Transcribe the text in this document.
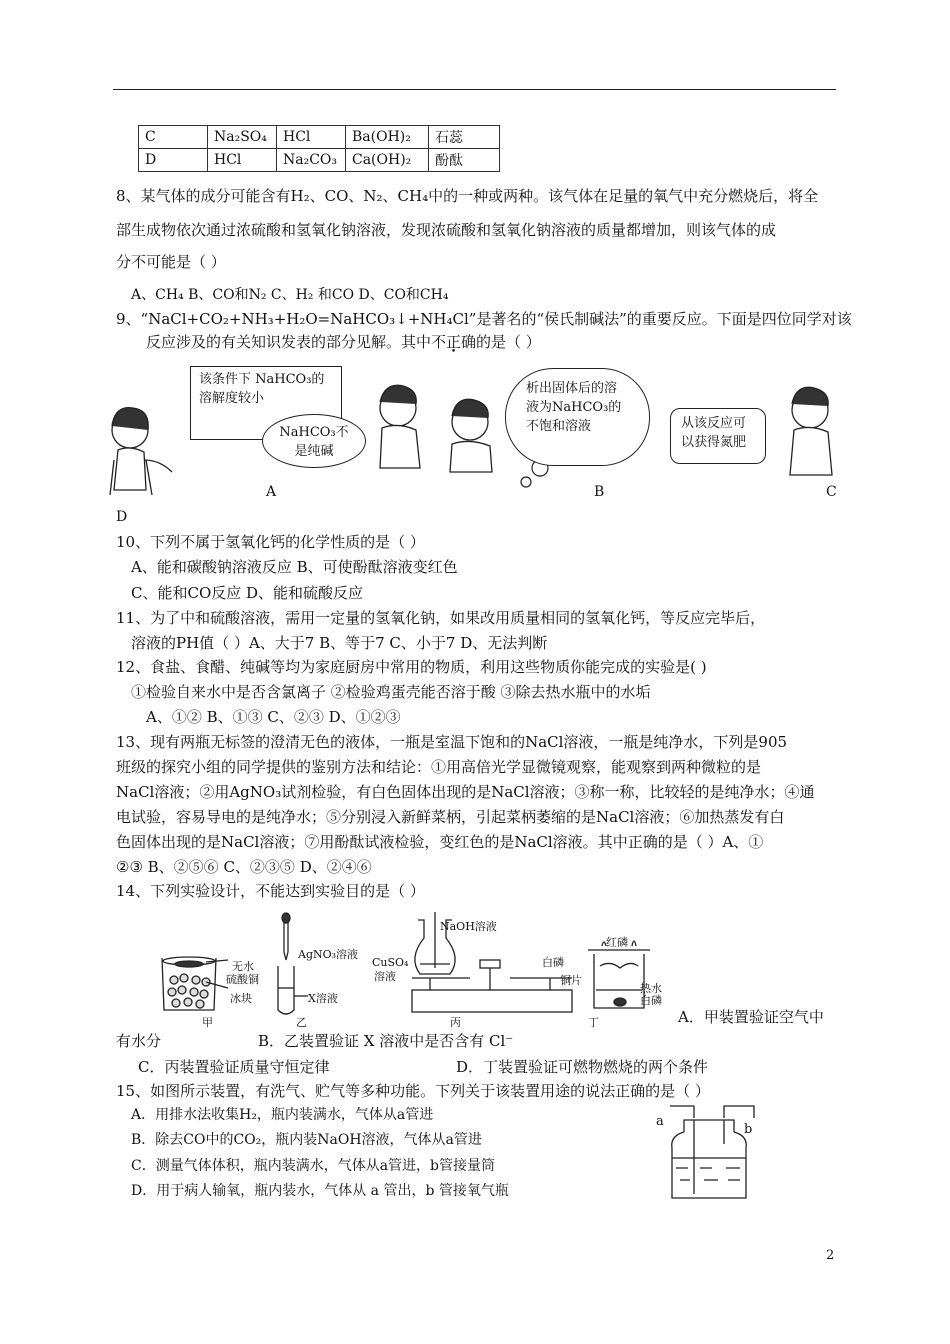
C	Na₂SO₄	HCl	Ba(OH)₂	石蕊
D	HCl	Na₂CO₃	Ca(OH)₂	酚酞
8、某气体的成分可能含有H₂、CO、N₂、CH₄中的一种或两种。该气体在足量的氧气中充分燃烧后，将全
部生成物依次通过浓硫酸和氢氧化钠溶液，发现浓硫酸和氢氧化钠溶液的质量都增加，则该气体的成
分不可能是（ ）
A、CH₄ B、CO和N₂ C、H₂ 和CO D、CO和CH₄
9、“NaCl+CO₂+NH₃+H₂O=NaHCO₃↓+NH₄Cl”是著名的“侯氏制碱法”的重要反应。下面是四位同学对该
反应涉及的有关知识发表的部分见解。其中不正确的是（ ）
该条件下 NaHCO₃的溶解度较小
NaHCO₃不是纯碱
析出固体后的溶液为NaHCO₃的不饱和溶液	从该反应可以获得氮肥
A	B	C
D
10、下列不属于氢氧化钙的化学性质的是（ ）
A、能和碳酸钠溶液反应 B、可使酚酞溶液变红色
C、能和CO反应 D、能和硫酸反应
11、为了中和硫酸溶液，需用一定量的氢氧化钠，如果改用质量相同的氢氧化钙，等反应完毕后，
溶液的PH值（ ）A、大于7 B、等于7 C、小于7 D、无法判断
12、食盐、食醋、纯碱等均为家庭厨房中常用的物质，利用这些物质你能完成的实验是( )
①检验自来水中是否含氯离子 ②检验鸡蛋壳能否溶于酸 ③除去热水瓶中的水垢
A、①② B、①③ C、②③ D、①②③
13、现有两瓶无标签的澄清无色的液体，一瓶是室温下饱和的NaCl溶液，一瓶是纯净水，下列是905
班级的探究小组的同学提供的鉴别方法和结论：①用高倍光学显微镜观察，能观察到两种微粒的是
NaCl溶液；②用AgNO₃试剂检验，有白色固体出现的是NaCl溶液；③称一称，比较轻的是纯净水；④通
电试验，容易导电的是纯净水；⑤分别浸入新鲜菜柄，引起菜柄萎缩的是NaCl溶液；⑥加热蒸发有白
色固体出现的是NaCl溶液；⑦用酚酞试液检验，变红色的是NaCl溶液。其中正确的是（ ）A、①
②③ B、②⑤⑥ C、②③⑤ D、②④⑥
14、下列实验设计，不能达到实验目的是（ ）
无水
硫酸铜
冰块
AgNO₃溶液
X溶液
NaOH溶液
CuSO₄
溶液
红磷
白磷
铜片
热水
白磷
甲	乙	丙	丁	A．甲装置验证空气中
有水分	B．乙装置验证 X 溶液中是否含有 Cl⁻
C．丙装置验证质量守恒定律	D．丁装置验证可燃物燃烧的两个条件
15、如图所示装置，有洗气、贮气等多种功能。下列关于该装置用途的说法正确的是（ ）
A．用排水法收集H₂，瓶内装满水，气体从a管进
B．除去CO中的CO₂，瓶内装NaOH溶液，气体从a管进
C．测量气体体积，瓶内装满水，气体从a管进，b管接量筒
D．用于病人输氧，瓶内装水，气体从 a 管出，b 管接氧气瓶
a
b
2
